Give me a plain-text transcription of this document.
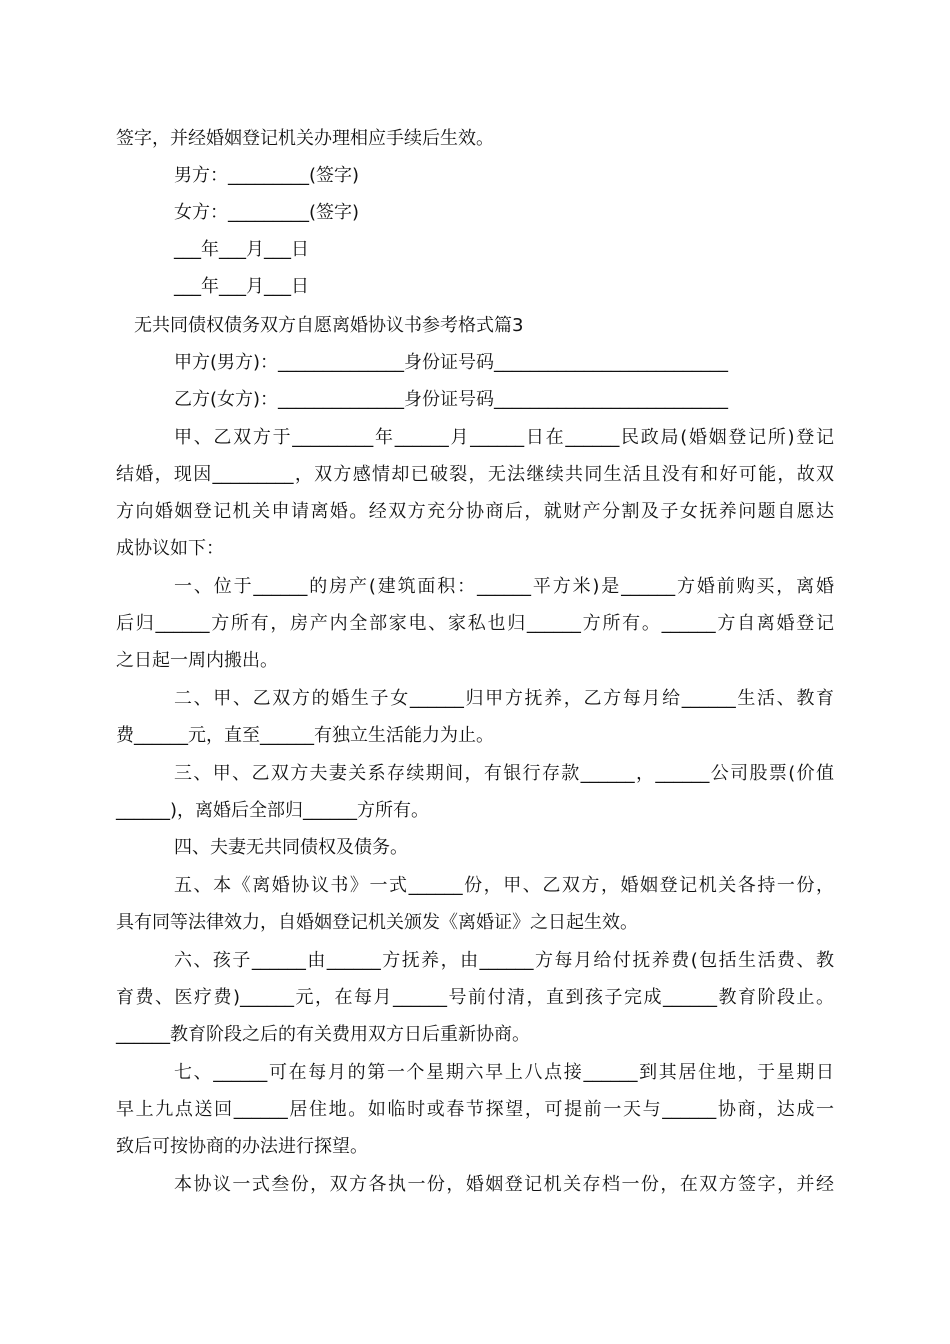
签字，并经婚姻登记机关办理相应手续后生效。
男方：_________(签字)
女方：_________(签字)
___年___月___日
___年___月___日
无共同债权债务双方自愿离婚协议书参考格式篇3
甲方(男方)：______________身份证号码__________________________
乙方(女方)：______________身份证号码__________________________
甲、乙双方于_________年______月______日在______民政局(婚姻登记所)登记
结婚，现因_________，双方感情却已破裂，无法继续共同生活且没有和好可能，故双
方向婚姻登记机关申请离婚。经双方充分协商后，就财产分割及子女抚养问题自愿达
成协议如下：
一、位于______的房产(建筑面积：______平方米)是______方婚前购买，离婚
后归______方所有，房产内全部家电、家私也归______方所有。______方自离婚登记
之日起一周内搬出。
二、甲、乙双方的婚生子女______归甲方抚养，乙方每月给______生活、教育
费______元，直至______有独立生活能力为止。
三、甲、乙双方夫妻关系存续期间，有银行存款______，______公司股票(价值
______)，离婚后全部归______方所有。
四、夫妻无共同债权及债务。
五、本《离婚协议书》一式______份，甲、乙双方，婚姻登记机关各持一份，
具有同等法律效力，自婚姻登记机关颁发《离婚证》之日起生效。
六、孩子______由______方抚养，由______方每月给付抚养费(包括生活费、教
育费、医疗费)______元，在每月______号前付清，直到孩子完成______教育阶段止。
______教育阶段之后的有关费用双方日后重新协商。
七、______可在每月的第一个星期六早上八点接______到其居住地，于星期日
早上九点送回______居住地。如临时或春节探望，可提前一天与______协商，达成一
致后可按协商的办法进行探望。
本协议一式叁份，双方各执一份，婚姻登记机关存档一份，在双方签字，并经
